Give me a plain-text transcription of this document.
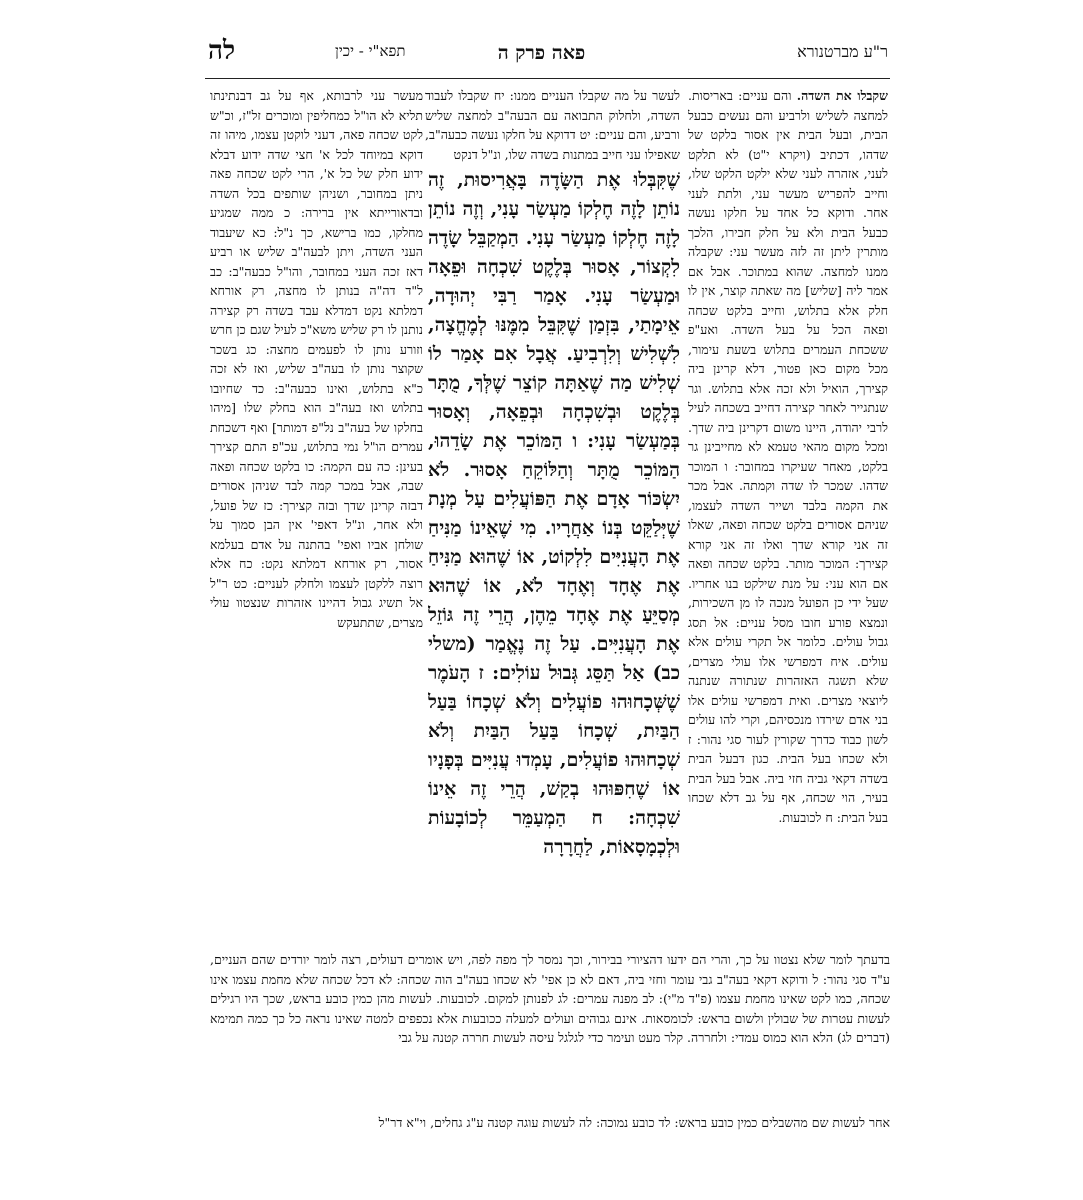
ר"ע מברטנורא
פאה פרק ה
תפא"י - יכין
לה

שקבלו את השדה. והם עניים: באריסות. למחצה לשליש ולרביע והם נעשים כבעל הבית, ובעל הבית אין אסור בלקט של שדהו, דכתיב (ויקרא י"ט) לא תלקט לעני, אזהרה לעני שלא ילקט הלקט שלו, וחייב להפריש מעשר עני, ולתת לעני אחר. ודוקא כל אחד על חלקו נעשה כבעל הבית ולא על חלק חבירו, הלכך מותרין ליתן זה לזה מעשר עני: שקבלה ממנו למחצה. שהוא במתוכר. אבל אם אמר ליה [שליש] מה שאתה קוצר, אין לו חלק אלא בתלוש, וחייב בלקט שכחה ופאה הכל על בעל השדה. ואע"פ ששכחת העמרים בתלוש בשעת עימור, מכל מקום כאן פטור, דלא קרינן ביה קצירך, הואיל ולא זכה אלא בתלוש. וגר שנתגייר לאחר קצירה דחייב בשכחה לעיל לרבי יהודה, היינו משום דקרינן ביה שדך. ומכל מקום מהאי טעמא לא מחייבינן גר בלקט, מאחר שעיקרו במחובר: ו המוכר שדהו. שמכר לו שדה וקמתה. אבל מכר את הקמה בלבד ושייר השדה לעצמו, שניהם אסורים בלקט שכחה ופאה, שאלו זה אני קורא שדך ואלו זה אני קורא קצירך: המוכר מותר. בלקט שכחה ופאה אם הוא עני: על מנת שילקט בנו אחריו. שעל ידי כן הפועל מנכה לו מן השכירות, ונמצא פורע חובו מסל עניים: אל תסג גבול עולים. כלומר אל תקרי עולים אלא עולים. איח דמפרשי אלו עולי מצרים, שלא תשגה האזהרות שנתורה שנתנה ליוצאי מצרים. ואית דמפרשי עולים אלו בני אדם שירדו מנכסיהם, וקרי להו עולים לשון כבוד כדרך שקורין לעור סגי נהור: ז ולא שכחו בעל הבית. כגון דבעל הבית בשדה דקאי גביה חזי ביה. אבל בעל הבית בעיר, הוי שכחה, אף על גב דלא שכחו בעל הבית: ח לכובעות.

לעשר על מה שקבלו העניים ממנו: יח שקבלו לעבוד השדה, ולחלוק התבואה עם הבעה"ב למחצה שליש ורביע, והם עניים: יט דדוקא על חלקו נעשה כבעה"ב, שאפילו עני חייב במתנות בשדה שלו, ונ"ל דנקט

שֶׁקִּבְּלוּ אֶת הַשָּׂדֶה בָּאֲרִיסוּת, זֶה נוֹתֵן לָזֶה חֶלְקוֹ מַעְשַׂר עָנִי, וְזֶה נוֹתֵן לָזֶה חֶלְקוֹ מַעְשַׂר עָנִי. הַמְקַבֵּל שָׂדֶה לִקְצוֹר, אָסוּר בְּלֶקֶט שִׁכְחָה וּפֵאָה וּמַעְשַׂר עָנִי. אָמַר רַבִּי יְהוּדָה, אֵימָתַי, בִּזְמַן שֶׁקִּבֵּל מִמֶּנּוּ לְמֶחֱצָה, לִשְׁלִישׁ וְלִרְבִיעַ. אֲבָל אִם אָמַר לוֹ שְׁלִישׁ מַה שֶׁאַתָּה קוֹצֵר שֶׁלְּךָ, מֻתָּר בְּלֶקֶט וּבְשִׁכְחָה וּבְפֵאָה, וְאָסוּר בְּמַעְשַׂר עָנִי: ו הַמּוֹכֵר אֶת שָׂדֵהוּ, הַמּוֹכֵר מֻתָּר וְהַלּוֹקֵחַ אָסוּר. לֹא יִשְׂכּוֹר אָדָם אֶת הַפּוֹעֲלִים עַל מְנָת שֶׁיְּלַקֵּט בְּנוֹ אַחֲרָיו. מִי שֶׁאֵינוֹ מַנִּיחַ אֶת הָעֲנִיִּים לִלְקוֹט, אוֹ שֶׁהוּא מַנִּיחַ אֶת אֶחָד וְאֶחָד לֹא, אוֹ שֶׁהוּא מְסַיֵּעַ אֶת אֶחָד מֵהֶן, הֲרֵי זֶה גּוֹזֵל אֶת הָעֲנִיִּים. עַל זֶה נֶאֱמַר (משלי כב) אַל תַּסֵּג גְּבוּל עוֹלִים: ז הָעֹמֶר שֶׁשְּׁכָחוּהוּ פוֹעֲלִים וְלֹא שְׁכָחוֹ בַּעַל הַבַּיִת, שְׁכָחוֹ בַּעַל הַבַּיִת וְלֹא שְׁכָחוּהוּ פוֹעֲלִים, עָמְדוּ עֲנִיִּים בְּפָנָיו אוֹ שֶׁחִפּוּהוּ בְקַשׁ, הֲרֵי זֶה אֵינוֹ שִׁכְחָה: ח הַמְעַמֵּר לְכוֹבָעוֹת וּלְכְמָסָאוֹת, לַחֲרָרָה

מעשר עני לרבותא, אף על גב דבנתינתו תליא לא הו"ל כמחליפין ומוכרים זל"ז, וכ"ש לקט שכחה פאה, דעני לוקטן עצמו, מיהו זה דוקא במיוחד לכל א' חצי שדה ידוע דבלא ידוע חלק של כל א', הרי לקט שכחה פאה ניתן במחובר, ושניהן שותפים בכל השדה ובדאורייתא אין ברירה: כ ממה שמגיע מחלקו, כמו ברישא, כך נ"ל: כא שיעבוד העני השדה, ויתן לבעה"ב שליש או רביע דאז זכה העני במחובר, והו"ל כבעה"ב: כב ל"ד דה"ה בנותן לו מחצה, רק אורחא דמלתא נקט דמדלא עבד בשדה רק קצירה נותנן לו רק שליש משא"כ לעיל שגם כן חרש וזורע נותן לו לפעמים מחצה: כג בשכר שקוצר נותן לו בעה"ב שליש, ואז לא זכה כ"א בתלוש, ואינו כבעה"ב: כד שחיובו בתלוש ואז בעה"ב הוא בחלק שלו [מיהו בחלקו של בעה"ב נל"פ דמותר] ואף דשכחת עמרים הו"ל נמי בתלוש, עכ"פ התם קצירך בעינן: כה עם הקמה: כו בלקט שכחה ופאה שבה, אבל במכר קמה לבד שניהן אסורים דבזה קרינן שדך ובזה קצירך: כז של פועל, ולא אחר, ונ"ל דאפי' אין הבן סמוך על שולחן אביו ואפי' בהתנה על אדם בעלמא אסור, רק אורחא דמלתא נקט: כח אלא רוצה ללקטן לעצמו ולחלק לעניים: כט ר"ל אל תשיג גבול דהיינו אזהרות שנצטוו עולי מצרים, שתתעקש

בדעתך לומר שלא נצטוו על כך, והרי הם ידעו דהציורי בבירור, וכך נמסר לך מפה לפה, ויש אומרים דעולים, רצה לומר יורדים שהם העניים, ע"ד סגי נהור: ל ודוקא דקאי בעה"ב גבי עומר וחזי ביה, דאם לא כן אפי' לא שכחו בעה"ב הוה שכחה: לא דכל שכחה שלא מחמת עצמו אינו שכחה, כמו לקט שאינו מחמת עצמו (פ"ד מ"י): לב מפנה עמרים: לג לפנותן למקום. לכובעות. לעשות מהן כמין כובע בראש, שכך היו רגילים לעשות עטרות של שבולין ולשום בראש: לכומסאות. אינם גבוהים ועולים למעלה ככובעות אלא נכפפים למטה שאינו נראה כל כך כמה תמימא (דברים לג) הלא הוא כמוס עמדי: ולחררה. קלר מעט ועימר כדי לגלגל עיסה לעשות חררה קטנה על גבי

אחר לעשות שם מהשבלים כמין כובע בראש: לד כובע נמוכה: לה לעשות עוגה קטנה ע"ג גחלים, וי"א דר"ל
